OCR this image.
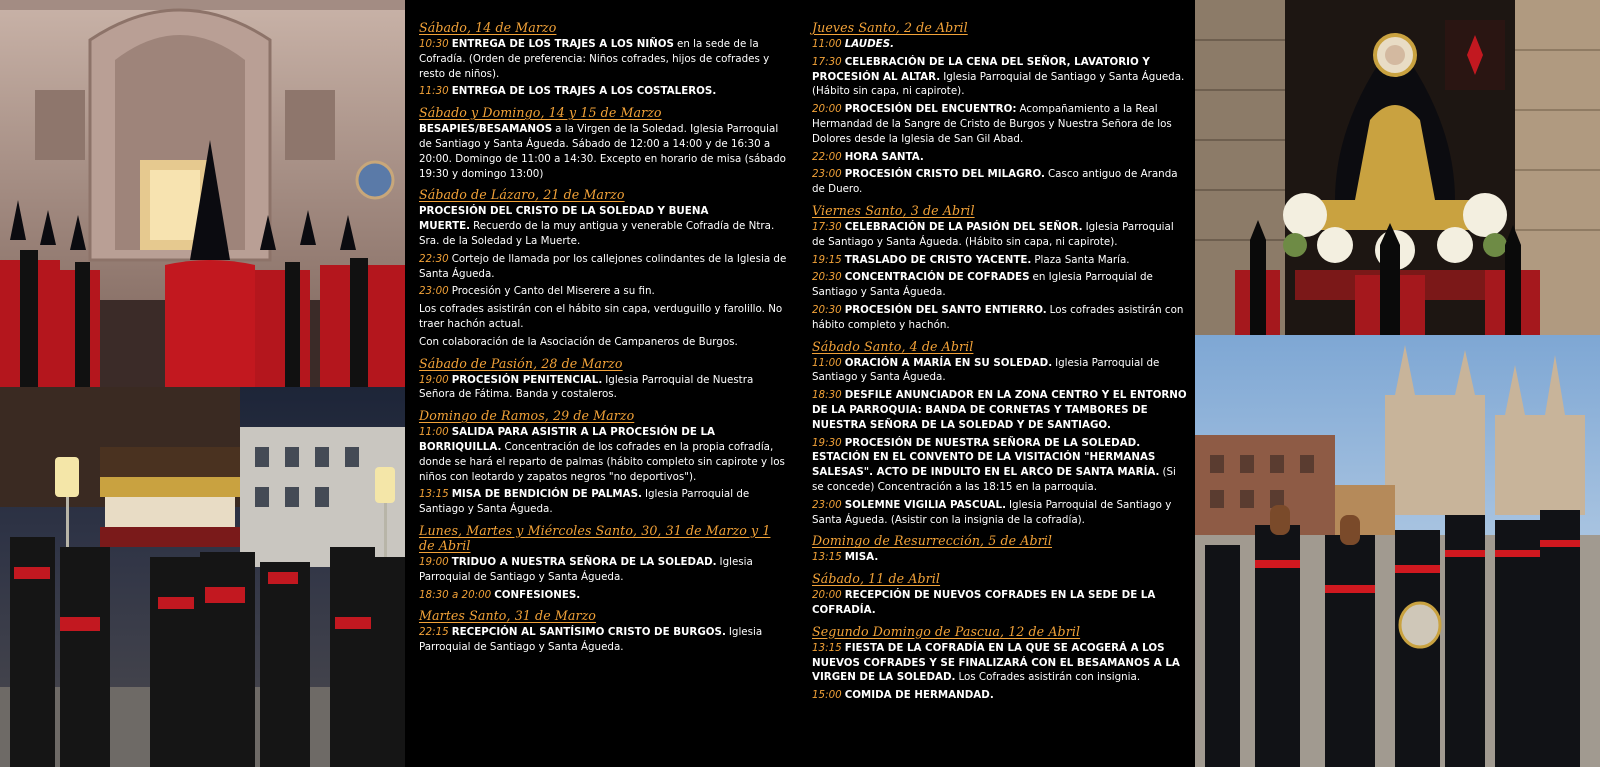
Sábado, 14 de Marzo
10:30 ENTREGA DE LOS TRAJES A LOS NIÑOS en la sede de la Cofradía. (Orden de preferencia: Niños cofrades, hijos de cofrades y resto de niños).
11:30 ENTREGA DE LOS TRAJES A LOS COSTALEROS.
Sábado y Domingo, 14 y 15 de Marzo
BESAPIES/BESAMANOS a la Virgen de la Soledad. Iglesia Parroquial de Santiago y Santa Águeda. Sábado de 12:00 a 14:00 y de 16:30 a 20:00. Domingo de 11:00 a 14:30. Excepto en horario de misa (sábado 19:30 y domingo 13:00)
Sábado de Lázaro, 21 de Marzo
PROCESIÓN DEL CRISTO DE LA SOLEDAD Y BUENA MUERTE. Recuerdo de la muy antigua y venerable Cofradía de Ntra. Sra. de la Soledad y La Muerte.
22:30 Cortejo de llamada por los callejones colindantes de la Iglesia de Santa Águeda.
23:00 Procesión y Canto del Miserere a su fin.
Los cofrades asistirán con el hábito sin capa, verduguillo y farolillo. No traer hachón actual.
Con colaboración de la Asociación de Campaneros de Burgos.
Sábado de Pasión, 28 de Marzo
19:00 PROCESIÓN PENITENCIAL. Iglesia Parroquial de Nuestra Señora de Fátima. Banda y costaleros.
Domingo de Ramos, 29 de Marzo
11:00 SALIDA PARA ASISTIR A LA PROCESIÓN DE LA BORRIQUILLA. Concentración de los cofrades en la propia cofradía, donde se hará el reparto de palmas (hábito completo sin capirote y los niños con leotardo y zapatos negros "no deportivos").
13:15 MISA DE BENDICIÓN DE PALMAS. Iglesia Parroquial de Santiago y Santa Águeda.
Lunes, Martes y Miércoles Santo, 30, 31 de Marzo y 1 de Abril
19:00 TRIDUO A NUESTRA SEÑORA DE LA SOLEDAD. Iglesia Parroquial de Santiago y Santa Águeda.
18:30 a 20:00 CONFESIONES.
Martes Santo, 31 de Marzo
22:15 RECEPCIÓN AL SANTÍSIMO CRISTO DE BURGOS. Iglesia Parroquial de Santiago y Santa Águeda.
Jueves Santo, 2 de Abril
11:00 LAUDES.
17:30 CELEBRACIÓN DE LA CENA DEL SEÑOR, LAVATORIO Y PROCESIÓN AL ALTAR. Iglesia Parroquial de Santiago y Santa Águeda. (Hábito sin capa, ni capirote).
20:00 PROCESIÓN DEL ENCUENTRO: Acompañamiento a la Real Hermandad de la Sangre de Cristo de Burgos y Nuestra Señora de los Dolores desde la Iglesia de San Gil Abad.
22:00 HORA SANTA.
23:00 PROCESIÓN CRISTO DEL MILAGRO. Casco antiguo de Aranda de Duero.
Viernes Santo, 3 de Abril
17:30 CELEBRACIÓN DE LA PASIÓN DEL SEÑOR. Iglesia Parroquial de Santiago y Santa Águeda. (Hábito sin capa, ni capirote).
19:15 TRASLADO DE CRISTO YACENTE. Plaza Santa María.
20:30 CONCENTRACIÓN DE COFRADES en Iglesia Parroquial de Santiago y Santa Águeda.
20:30 PROCESIÓN DEL SANTO ENTIERRO. Los cofrades asistirán con hábito completo y hachón.
Sábado Santo, 4 de Abril
11:00 ORACIÓN A MARÍA EN SU SOLEDAD. Iglesia Parroquial de Santiago y Santa Águeda.
18:30 DESFILE ANUNCIADOR EN LA ZONA CENTRO Y EL ENTORNO DE LA PARROQUIA: BANDA DE CORNETAS Y TAMBORES DE NUESTRA SEÑORA DE LA SOLEDAD Y DE SANTIAGO.
19:30 PROCESIÓN DE NUESTRA SEÑORA DE LA SOLEDAD. ESTACIÓN EN EL CONVENTO DE LA VISITACIÓN "HERMANAS SALESAS". ACTO DE INDULTO EN EL ARCO DE SANTA MARÍA. (Si se concede) Concentración a las 18:15 en la parroquia.
23:00 SOLEMNE VIGILIA PASCUAL. Iglesia Parroquial de Santiago y Santa Águeda. (Asistir con la insignia de la cofradía).
Domingo de Resurrección, 5 de Abril
13:15 MISA.
Sábado, 11 de Abril
20:00 RECEPCIÓN DE NUEVOS COFRADES EN LA SEDE DE LA COFRADÍA.
Segundo Domingo de Pascua, 12 de Abril
13:15 FIESTA DE LA COFRADÍA EN LA QUE SE ACOGERÁ A LOS NUEVOS COFRADES Y SE FINALIZARÁ CON EL BESAMANOS A LA VIRGEN DE LA SOLEDAD. Los Cofrades asistirán con insignia.
15:00 COMIDA DE HERMANDAD.
